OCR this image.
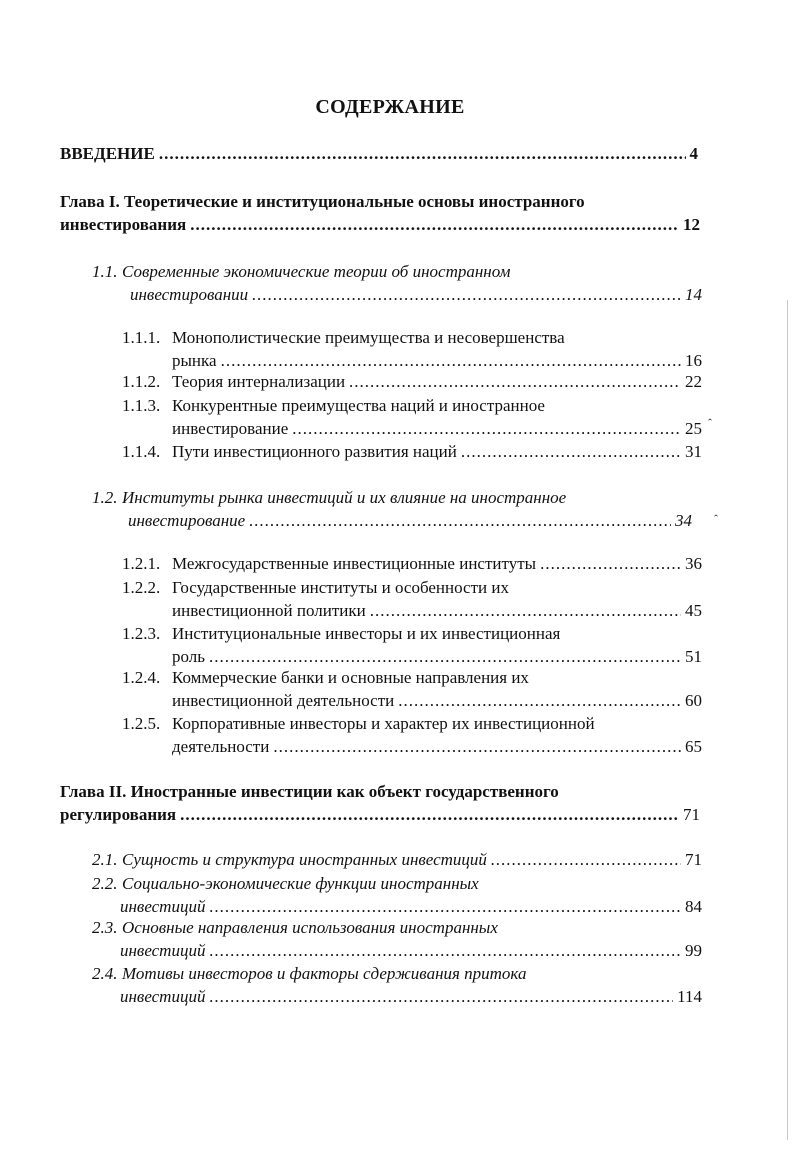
СОДЕРЖАНИЕ
ВВЕДЕНИЕ .....	4
Глава I. Теоретические и институциональные основы иностранного
инвестирования .....	12
1.1. Современные экономические теории об иностранном
инвестировании .....	14
1.1.1. Монополистические преимущества и несовершенства
рынка .....	16
1.1.2. Теория интернализации .....	22
1.1.3. Конкурентные преимущества наций и иностранное
инвестирование .....	25
1.1.4. Пути инвестиционного развития наций .....	31
1.2. Институты рынка инвестиций и их влияние на иностранное
инвестирование .....	34
1.2.1. Межгосударственные инвестиционные институты .....	36
1.2.2. Государственные институты и особенности их
инвестиционной политики .....	45
1.2.3. Институциональные инвесторы и их инвестиционная
роль .....	51
1.2.4. Коммерческие банки и основные направления их
инвестиционной деятельности .....	60
1.2.5. Корпоративные инвесторы и характер их инвестиционной
деятельности .....	65
Глава II. Иностранные инвестиции как объект государственного
регулирования .....	71
2.1. Сущность и структура иностранных инвестиций .....	71
2.2. Социально-экономические функции иностранных
инвестиций .....	84
2.3. Основные направления использования иностранных
инвестиций .....	99
2.4. Мотивы инвесторов и факторы сдерживания притока
инвестиций .....	114
ˆ
ˆ
